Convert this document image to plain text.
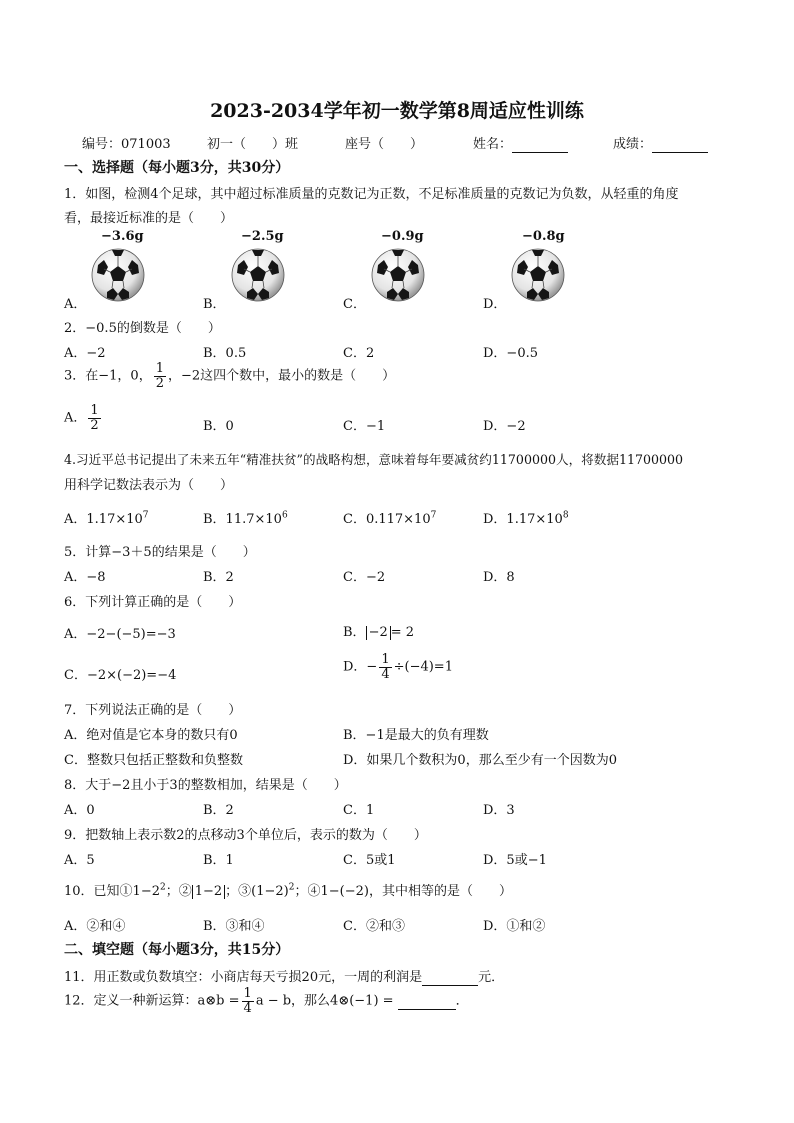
2023-2034学年初一数学第8周适应性训练
编号：071003	初一（　　）班	座号（　　）	姓名：	成绩：
一、选择题（每小题3分，共30分）
1．如图，检测4个足球，其中超过标准质量的克数记为正数，不足标准质量的克数记为负数，从轻重的角度
看，最接近标准的是（　　）
−3.6g	−2.5g	−0.9g	−0.8g
A．	B．	C．	D．
2．−0.5的倒数是（　　）
A．−2	B．0.5	C．2	D．−0.5
3．在−1，0， $\frac{1}{2}$ ，−2这四个数中，最小的数是（　　）
A． $\frac{1}{2}$	B．0	C．−1	D．−2
4.习近平总书记提出了未来五年“精准扶贫”的战略构想，意味着每年要减贫约11700000人，将数据11700000
用科学记数法表示为（　　）
A．$1.17\times 10^7$	B．$11.7\times 10^6$	C．$0.117\times 10^7$	D．$1.17\times 10^8$
5．计算−3＋5的结果是（　　）
A．−8	B．2	C．−2	D．8
6．下列计算正确的是（　　）
A．−2−(−5)=−3	B． −2 = 2
C．−2×(−2)=−4
D．− $\frac{1}{4} \div(-4)=1$
7．下列说法正确的是（　　）
A．绝对值是它本身的数只有0	B．−1是最大的负有理数
C．整数只包括正整数和负整数	D．如果几个数积为0，那么至少有一个因数为0
8．大于−2且小于3的整数相加，结果是（　　）
A．0	B．2	C．1	D．3
9．把数轴上表示数2的点移动3个单位后，表示的数为（　　）
A．5	B．1	C．5或1	D．5或−1
10．已知$①1-2^2$；② 1−2 ；$③(1-2)^2$；④1−(−2)，其中相等的是（　　）
A．②和④	B．③和④	C．②和③	D．①和②
二、填空题（每小题3分，共15分）
11．用正数或负数填空：小商店每天亏损20元，一周的利润是	元．
12．定义一种新运算：a⊗b = $\frac{1}{4}$ a − b，那么4⊗(−1) =	．
